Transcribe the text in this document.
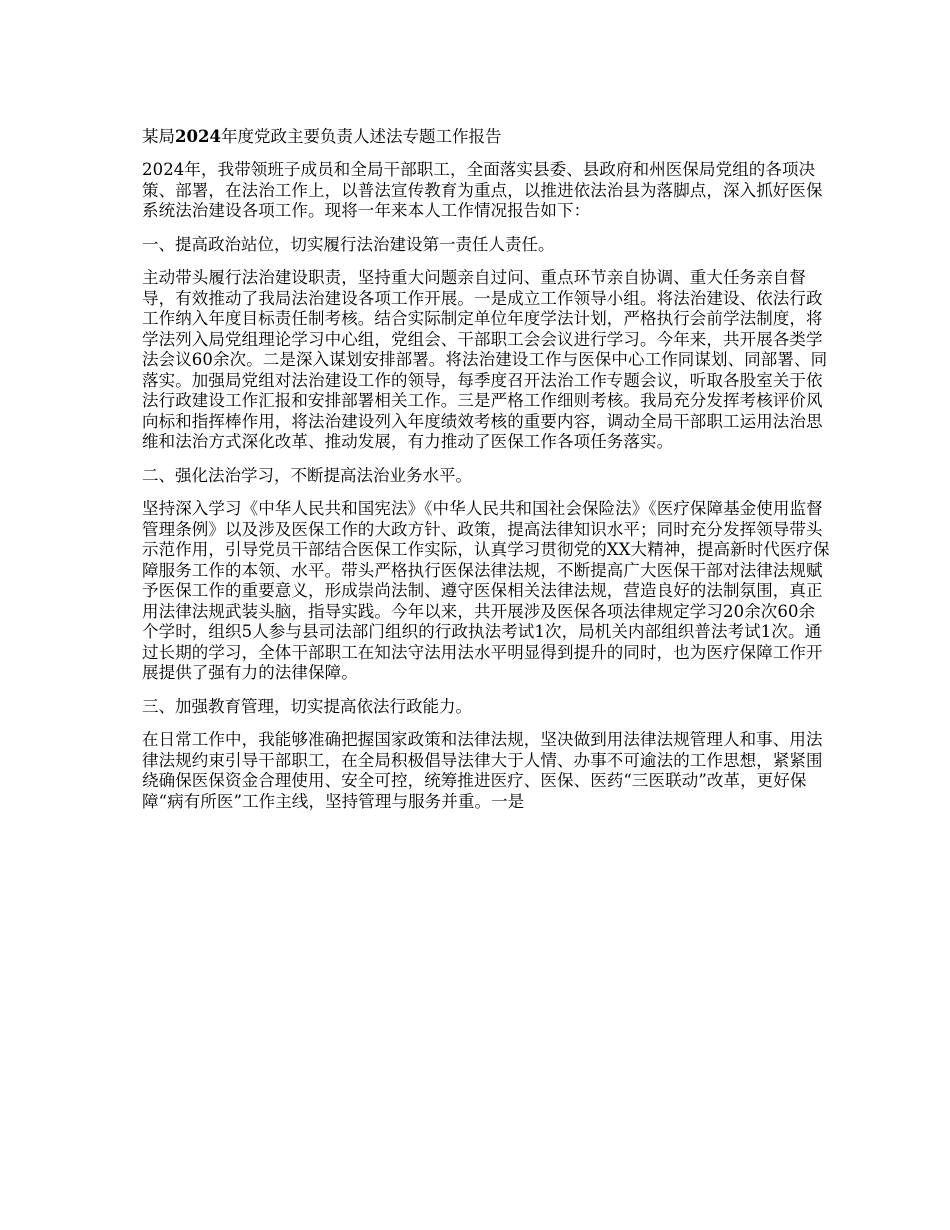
某局2024年度党政主要负责人述法专题工作报告

2024年，我带领班子成员和全局干部职工，全面落实县委、县政府和州医保局党组的各项决策、部署，在法治工作上，以普法宣传教育为重点，以推进依法治县为落脚点，深入抓好医保系统法治建设各项工作。现将一年来本人工作情况报告如下：

一、提高政治站位，切实履行法治建设第一责任人责任。

主动带头履行法治建设职责，坚持重大问题亲自过问、重点环节亲自协调、重大任务亲自督导，有效推动了我局法治建设各项工作开展。一是成立工作领导小组。将法治建设、依法行政工作纳入年度目标责任制考核。结合实际制定单位年度学法计划，严格执行会前学法制度，将学法列入局党组理论学习中心组，党组会、干部职工会会议进行学习。今年来，共开展各类学法会议60余次。二是深入谋划安排部署。将法治建设工作与医保中心工作同谋划、同部署、同落实。加强局党组对法治建设工作的领导，每季度召开法治工作专题会议，听取各股室关于依法行政建设工作汇报和安排部署相关工作。三是严格工作细则考核。我局充分发挥考核评价风向标和指挥棒作用，将法治建设列入年度绩效考核的重要内容，调动全局干部职工运用法治思维和法治方式深化改革、推动发展，有力推动了医保工作各项任务落实。

二、强化法治学习，不断提高法治业务水平。

坚持深入学习《中华人民共和国宪法》《中华人民共和国社会保险法》《医疗保障基金使用监督管理条例》以及涉及医保工作的大政方针、政策，提高法律知识水平；同时充分发挥领导带头示范作用，引导党员干部结合医保工作实际，认真学习贯彻党的XX大精神，提高新时代医疗保障服务工作的本领、水平。带头严格执行医保法律法规，不断提高广大医保干部对法律法规赋予医保工作的重要意义，形成崇尚法制、遵守医保相关法律法规，营造良好的法制氛围，真正用法律法规武装头脑，指导实践。今年以来，共开展涉及医保各项法律规定学习20余次60余个学时，组织5人参与县司法部门组织的行政执法考试1次，局机关内部组织普法考试1次。通过长期的学习，全体干部职工在知法守法用法水平明显得到提升的同时，也为医疗保障工作开展提供了强有力的法律保障。

三、加强教育管理，切实提高依法行政能力。

在日常工作中，我能够准确把握国家政策和法律法规，坚决做到用法律法规管理人和事、用法律法规约束引导干部职工，在全局积极倡导法律大于人情、办事不可逾法的工作思想，紧紧围绕确保医保资金合理使用、安全可控，统筹推进医疗、医保、医药“三医联动”改革，更好保障“病有所医”工作主线，坚持管理与服务并重。一是
